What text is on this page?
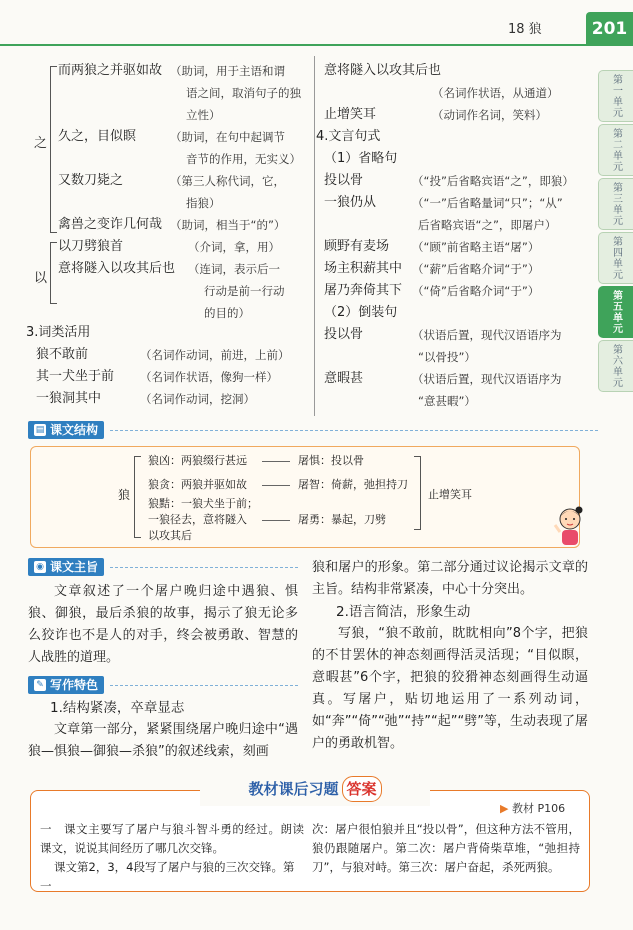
18 狼	201
第一单元
第二单元
第三单元
第四单元
第五单元
第六单元
之
而两狼之并驱如故 （助词，用于主语和谓
语之间，取消句子的独
立性）
久之，目似瞑	（助词，在句中起调节
音节的作用，无实义）
又数刀毙之	（第三人称代词，它，
指狼）
禽兽之变诈几何哉 （助词，相当于“的”）
以
以刀劈狼首	（介词，拿，用）
意将隧入以攻其后也 （连词，表示后一
行动是前一行动
的目的）
3.词类活用
狼不敢前	（名词作动词，前进，上前）
其一犬坐于前 （名词作状语，像狗一样）
一狼洞其中	（名词作动词，挖洞）
意将隧入以攻其后也
（名词作状语，从通道）
止增笑耳	（动词作名词，笑料）
4.文言句式
（1）省略句
投以骨	（“投”后省略宾语“之”，即狼）
一狼仍从	（“一”后省略量词“只”；“从”
后省略宾语“之”，即屠户）
顾野有麦场 （“顾”前省略主语“屠”）
场主积薪其中 （“薪”后省略介词“于”）
屠乃奔倚其下 （“倚”后省略介词“于”）
（2）倒装句
投以骨	（状语后置，现代汉语语序为
“以骨投”）
意暇甚	（状语后置，现代汉语语序为
“意甚暇”）
▤ 课文结构
狼
狼凶：两狼缀行甚远	屠惧：投以骨
狼贪：两狼并驱如故	屠智：倚薪，弛担持刀
狼黠：一狼犬坐于前；
一狼径去，意将隧入
以攻其后
屠勇：暴起，刀劈
止增笑耳
◉ 课文主旨
文章叙述了一个屠户晚归途中遇狼、惧狼、御狼，最后杀狼的故事，揭示了狼无论多么狡诈也不是人的对手，终会被勇敢、智慧的人战胜的道理。
✎ 写作特色
1.结构紧凑，卒章显志
文章第一部分，紧紧围绕屠户晚归途中“遇狼—惧狼—御狼—杀狼”的叙述线索，刻画
狼和屠户的形象。第二部分通过议论揭示文章的主旨。结构非常紧凑，中心十分突出。
2.语言简洁，形象生动
写狼，“狼不敢前，眈眈相向”8个字，把狼的不甘罢休的神态刻画得活灵活现；“目似瞑，意暇甚”6个字，把狼的狡猾神态刻画得生动逼真。写屠户，贴切地运用了一系列动词，如“奔”“倚”“弛”“持”“起”“劈”等，生动表现了屠户的勇敢机智。
教材课后习题 答案
▶ 教材 P106
一　课文主要写了屠户与狼斗智斗勇的经过。朗读课文，说说其间经历了哪几次交锋。
课文第2，3，4段写了屠户与狼的三次交锋。第一
次：屠户很怕狼并且“投以骨”，但这种方法不管用，狼仍跟随屠户。第二次：屠户背倚柴草堆，“弛担持刀”，与狼对峙。第三次：屠户奋起，杀死两狼。
